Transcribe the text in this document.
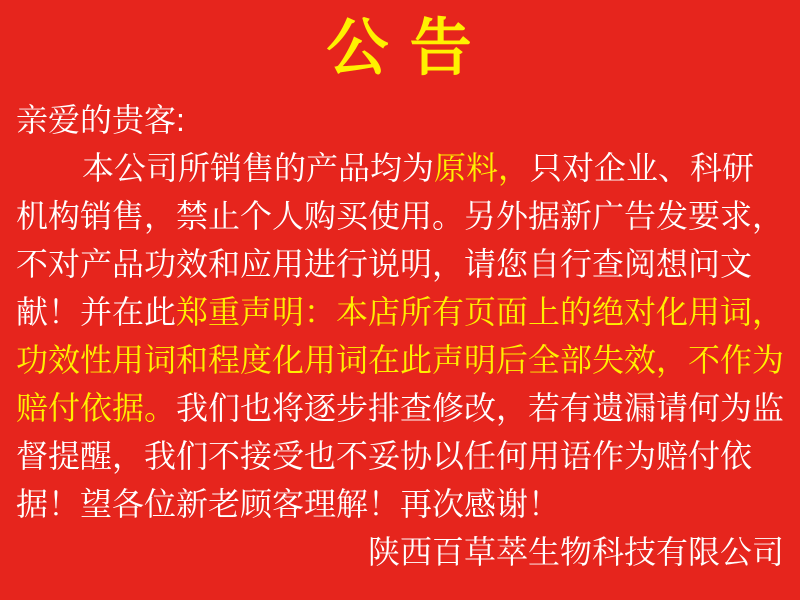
公 告
亲爱的贵客:
本公司所销售的产品均为原料，只对企业、科研
机构销售，禁止个人购买使用。另外据新广告发要求，
不对产品功效和应用进行说明，请您自行查阅想问文
献！并在此郑重声明：本店所有页面上的绝对化用词，
功效性用词和程度化用词在此声明后全部失效，不作为
赔付依据。我们也将逐步排查修改，若有遗漏请何为监
督提醒，我们不接受也不妥协以任何用语作为赔付依
据！望各位新老顾客理解！再次感谢！
陕西百草萃生物科技有限公司
